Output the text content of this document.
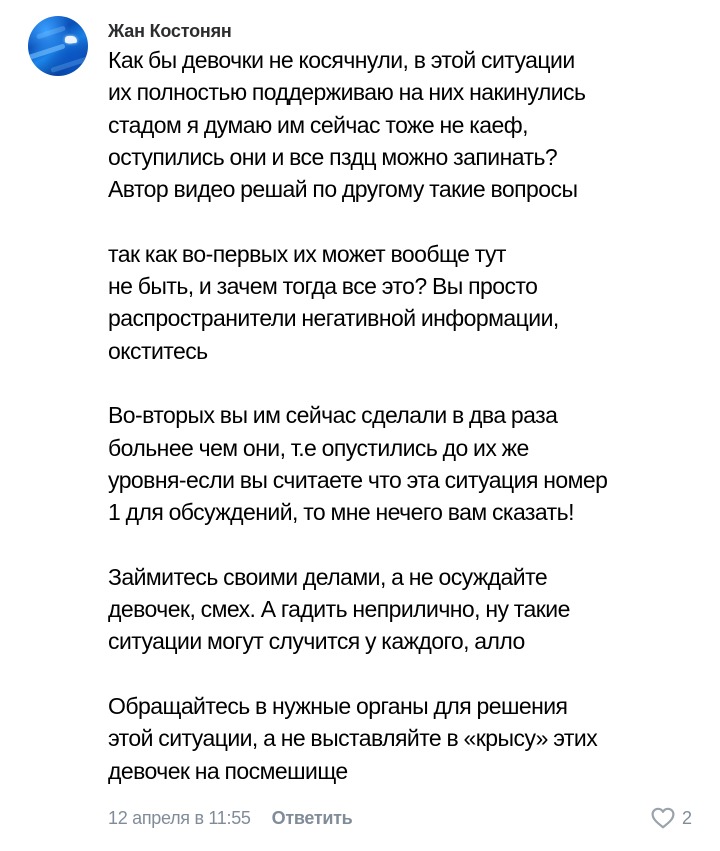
Жан Костонян
Как бы девочки не косячнули, в этой ситуации
их полностью поддерживаю на них накинулись
стадом я думаю им сейчас тоже не каеф,
оступились они и все пздц можно запинать?
Автор видео решай по другому такие вопросы
так как во-первых их может вообще тут
не быть, и зачем тогда все это? Вы просто
распространители негативной информации,
окститесь
Во-вторых вы им сейчас сделали в два раза
больнее чем они, т.е опустились до их же
уровня-если вы считаете что эта ситуация номер
1 для обсуждений, то мне нечего вам сказать!
Займитесь своими делами, а не осуждайте
девочек, смех. А гадить неприлично, ну такие
ситуации могут случится у каждого, алло
Обращайтесь в нужные органы для решения
этой ситуации, а не выставляйте в «крысу» этих
девочек на посмешище
12 апреля в 11:55 Ответить	2
